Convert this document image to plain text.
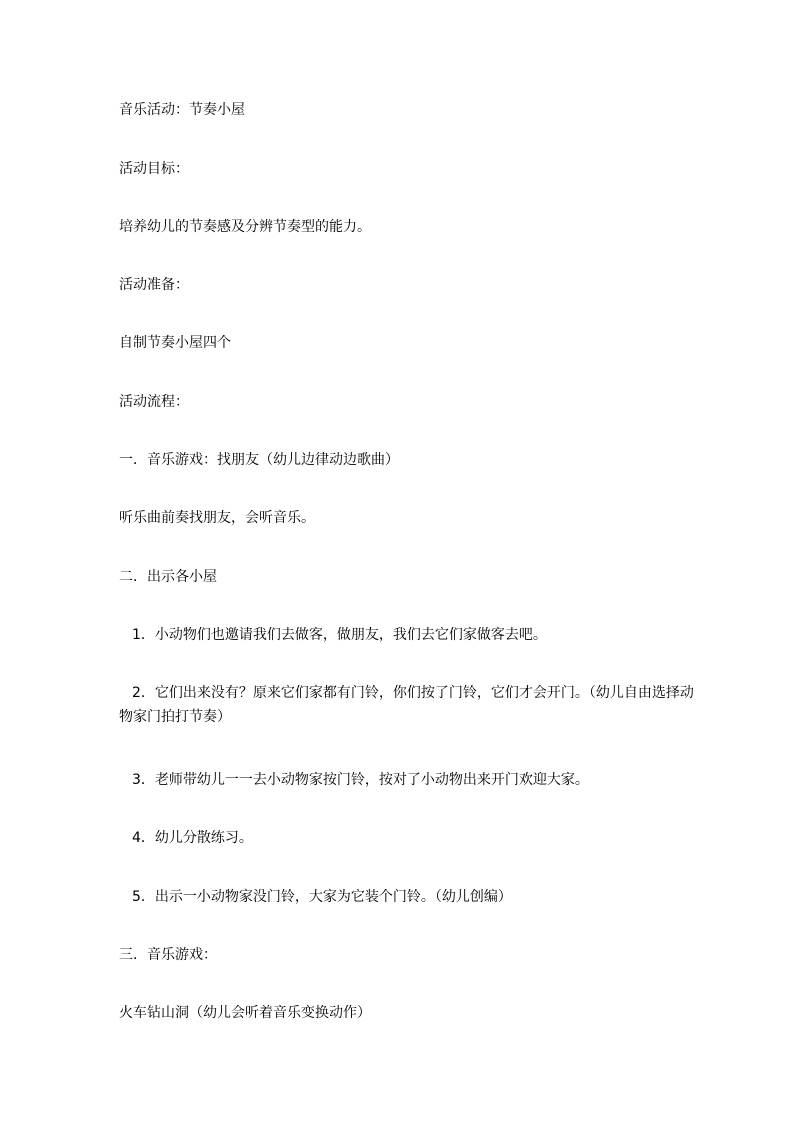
音乐活动：节奏小屋
活动目标：
培养幼儿的节奏感及分辨节奏型的能力。
活动准备：
自制节奏小屋四个
活动流程：
一．音乐游戏：找朋友（幼儿边律动边歌曲）
听乐曲前奏找朋友，会听音乐。
二．出示各小屋
1．小动物们也邀请我们去做客，做朋友，我们去它们家做客去吧。
2．它们出来没有？原来它们家都有门铃，你们按了门铃，它们才会开门。（幼儿自由选择动物家门拍打节奏）
3．老师带幼儿一一去小动物家按门铃，按对了小动物出来开门欢迎大家。
4．幼儿分散练习。
5．出示一小动物家没门铃，大家为它装个门铃。（幼儿创编）
三．音乐游戏：
火车钻山洞（幼儿会听着音乐变换动作）
